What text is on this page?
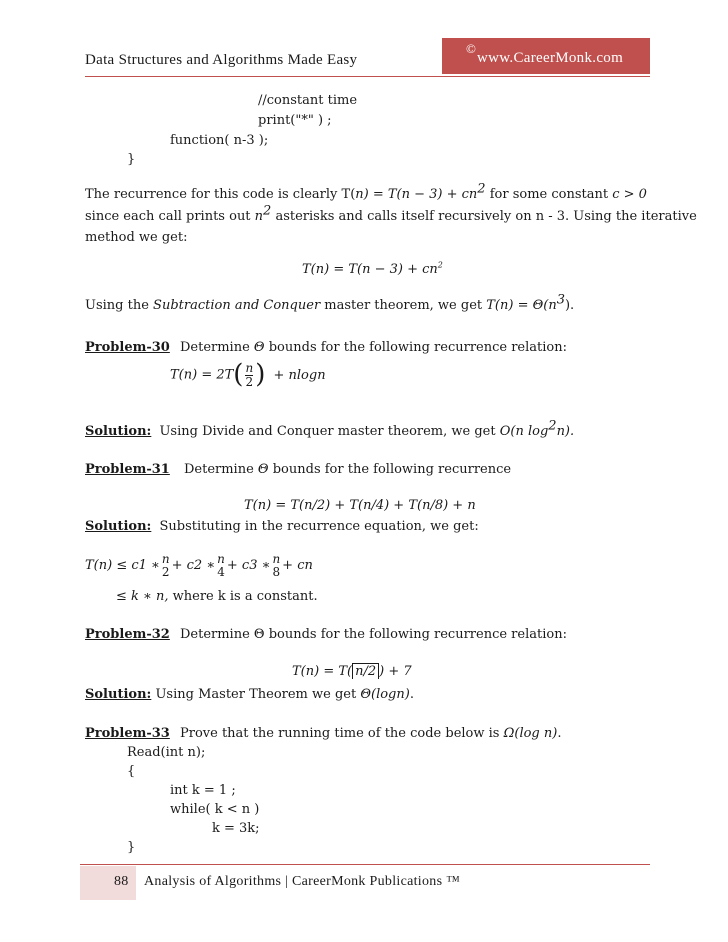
Data Structures and Algorithms Made Easy
©
www.CareerMonk.com
//constant time
print("*" ) ;
function( n-3 );
}
The recurrence for this code is clearly $T(n) = T(n - 3) + cn^2$ for some constant c > 0
since each call prints out $n^2$ asterisks and calls itself recursively on n - 3. Using the iterative
method we get:
$T(n) = T(n - 3) + cn^2$
Using the Subtraction and Conquer master theorem, we get $T(n) = \Theta(n^3)$.
Problem-30 Determine Θ bounds for the following recurrence relation:
$T(n) = 2T( \frac{n}{2}$ ) + nlogn
Solution: Using Divide and Conquer master theorem, we get O(n $\log^2n$).
Problem-31 Determine Θ bounds for the following recurrence
T(n) = T(n/2) + T(n/4) + T(n/8) + n
Solution: Substituting in the recurrence equation, we get:
T(n) ≤ c1 ∗ n
2 + c2 ∗ n
4 + c3 ∗ n
8 + cn
≤ k ∗ n, where k is a constant.
Problem-32 Determine Θ bounds for the following recurrence relation:
T(n) = T( n/2 ) + 7
Solution: Using Master Theorem we get Θ(logn).
Problem-33 Prove that the running time of the code below is Ω(log n).
Read(int n);
{
int k = 1 ;
while( k < n )
k = 3k;
}
88 Analysis of Algorithms | CareerMonk Publications ™
